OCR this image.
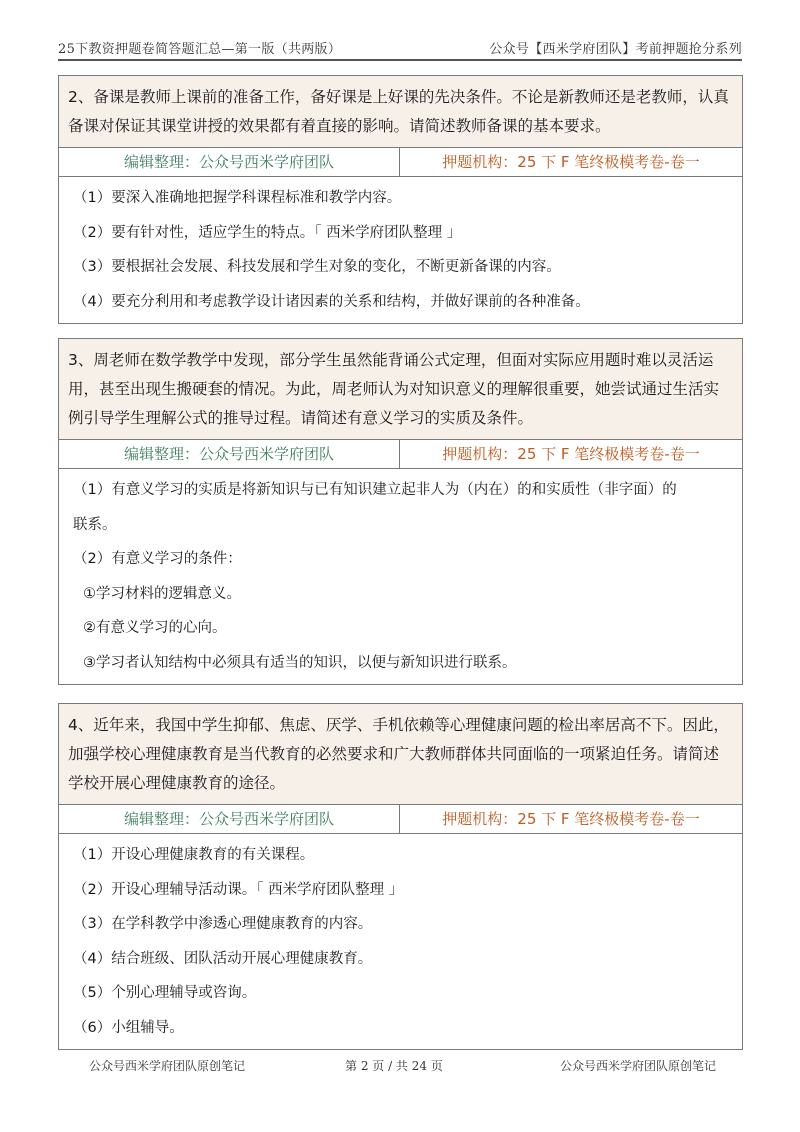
25下教资押题卷简答题汇总—第一版（共两版）	公众号【西米学府团队】考前押题抢分系列
2、备课是教师上课前的准备工作，备好课是上好课的先决条件。不论是新教师还是老教师，认真备课对保证其课堂讲授的效果都有着直接的影响。请简述教师备课的基本要求。
编辑整理：公众号西米学府团队	押题机构：25 下 F 笔终极模考卷-卷一

（1）要深入准确地把握学科课程标准和教学内容。

（2）要有针对性，适应学生的特点。「 西米学府团队整理 」

（3）要根据社会发展、科技发展和学生对象的变化，不断更新备课的内容。

（4）要充分利用和考虑教学设计诸因素的关系和结构，并做好课前的各种准备。

3、周老师在数学教学中发现，部分学生虽然能背诵公式定理，但面对实际应用题时难以灵活运用，甚至出现生搬硬套的情况。为此，周老师认为对知识意义的理解很重要，她尝试通过生活实例引导学生理解公式的推导过程。请简述有意义学习的实质及条件。
编辑整理：公众号西米学府团队	押题机构：25 下 F 笔终极模考卷-卷一

（1）有意义学习的实质是将新知识与已有知识建立起非人为（内在）的和实质性（非字面）的

联系。

（2）有意义学习的条件：

①学习材料的逻辑意义。

②有意义学习的心向。

③学习者认知结构中必须具有适当的知识，以便与新知识进行联系。

4、近年来，我国中学生抑郁、焦虑、厌学、手机依赖等心理健康问题的检出率居高不下。因此，加强学校心理健康教育是当代教育的必然要求和广大教师群体共同面临的一项紧迫任务。请简述学校开展心理健康教育的途径。
编辑整理：公众号西米学府团队	押题机构：25 下 F 笔终极模考卷-卷一

（1）开设心理健康教育的有关课程。

（2）开设心理辅导活动课。「 西米学府团队整理 」

（3）在学科教学中渗透心理健康教育的内容。

（4）结合班级、团队活动开展心理健康教育。

（5）个别心理辅导或咨询。

（6）小组辅导。

公众号西米学府团队原创笔记	第 2 页 / 共 24 页	公众号西米学府团队原创笔记
